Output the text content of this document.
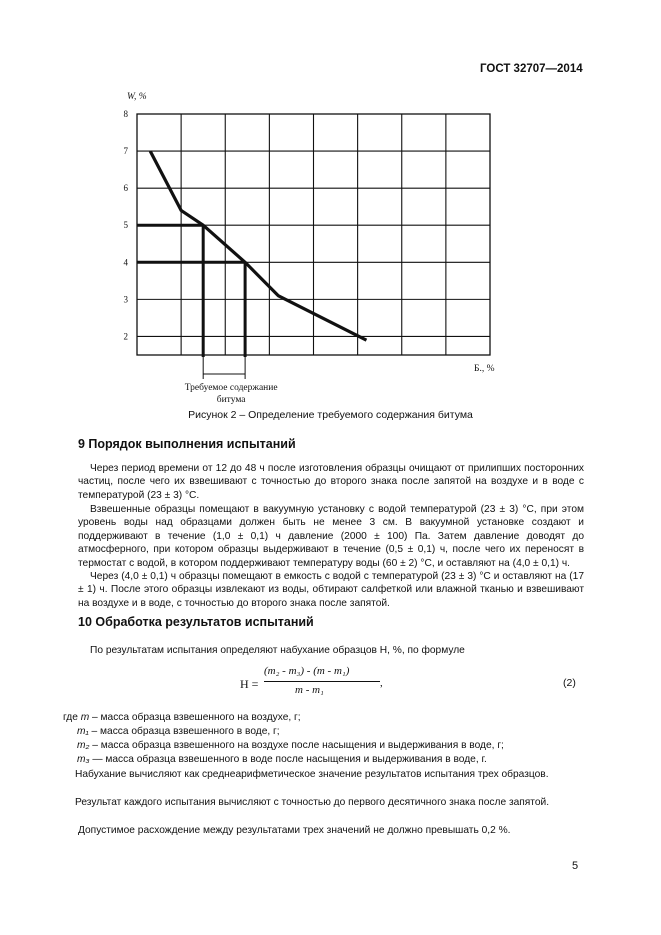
ГОСТ 32707—2014
2
3
4
5
6
7
8
W, %
Б., %
Требуемое содержание
битума
Рисунок 2 – Определение требуемого содержания битума
9 Порядок выполнения испытаний
Через период времени от 12 до 48 ч после изготовления образцы очищают от прилипших посторонних частиц, после чего их взвешивают с точностью до второго знака после запятой на воздухе и в воде с температурой (23 ± 3) °С.
Взвешенные образцы помещают в вакуумную установку с водой температурой (23 ± 3) °С, при этом уровень воды над образцами должен быть не менее 3 см. В вакуумной установке создают и поддерживают в течение (1,0 ± 0,1) ч давление (2000 ± 100) Па. Затем давление доводят до атмосферного, при котором образцы выдерживают в течение (0,5 ± 0,1) ч, после чего их переносят в термостат с водой, в котором поддерживают температуру воды (60 ± 2) °С, и оставляют на (4,0 ± 0,1) ч.
Через (4,0 ± 0,1) ч образцы помещают в емкость с водой с температурой (23 ± 3) °С и оставляют на (17 ± 1) ч. После этого образцы извлекают из воды, обтирают салфеткой или влажной тканью и взвешивают на воздухе и в воде, с точностью до второго знака после запятой.
10 Обработка результатов испытаний
По результатам испытания определяют набухание образцов Н, %, по формуле
Н =
(m₂ - m₃) - (m - m₁)
m - m₁
,	(2)
где m – масса образца взвешенного на воздухе, г;
m₁ – масса образца взвешенного в воде, г;
m₂ – масса образца взвешенного на воздухе после насыщения и выдерживания в воде, г;
m₃ — масса образца взвешенного в воде после насыщения и выдерживания в воде, г.
Набухание вычисляют как среднеарифметическое значение результатов испытания трех образцов.
Результат каждого испытания вычисляют с точностью до первого десятичного знака после запятой.
Допустимое расхождение между результатами трех значений не должно превышать 0,2 %.
5
